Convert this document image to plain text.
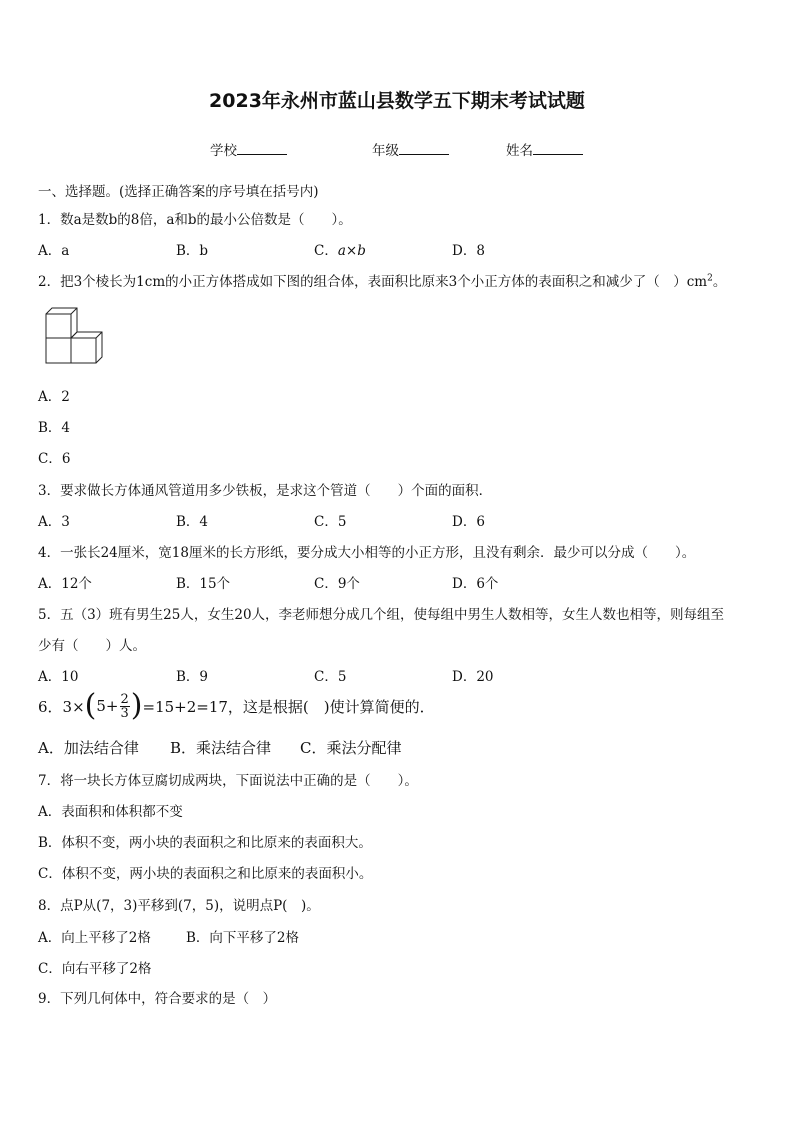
2023年永州市蓝山县数学五下期末考试试题
学校	年级	姓名
一、选择题。(选择正确答案的序号填在括号内)
1．数a是数b的8倍，a和b的最小公倍数是（　　）。
A．a	B．b	C．a×b	D．8
2．把3个棱长为1cm的小正方体搭成如下图的组合体，表面积比原来3个小正方体的表面积之和减少了（　）$cm^2$。
A．2
B．4
C．6
3．要求做长方体通风管道用多少铁板，是求这个管道（　　）个面的面积．
A．3	B．4	C．5	D．6
4．一张长24厘米，宽18厘米的长方形纸，要分成大小相等的小正方形，且没有剩余．最少可以分成（　　）。
A．12个	B．15个	C．9个	D．6个
5．五（3）班有男生25人，女生20人，李老师想分成几个组，使每组中男生人数相等，女生人数也相等，则每组至
少有（　　）人。
A．10	B．9	C．5	D．20
6．3× ( $5+ \frac{2}{3}$ ) =15+2=17，这是根据(　)使计算简便的．
A．加法结合律 B．乘法结合律 C．乘法分配律
7．将一块长方体豆腐切成两块，下面说法中正确的是（　　）。
A．表面积和体积都不变
B．体积不变，两小块的表面积之和比原来的表面积大。
C．体积不变，两小块的表面积之和比原来的表面积小。
8．点P从(7，3)平移到(7，5)，说明点P(　)。
A．向上平移了2格	B．向下平移了2格
C．向右平移了2格
9．下列几何体中，符合要求的是（　）
